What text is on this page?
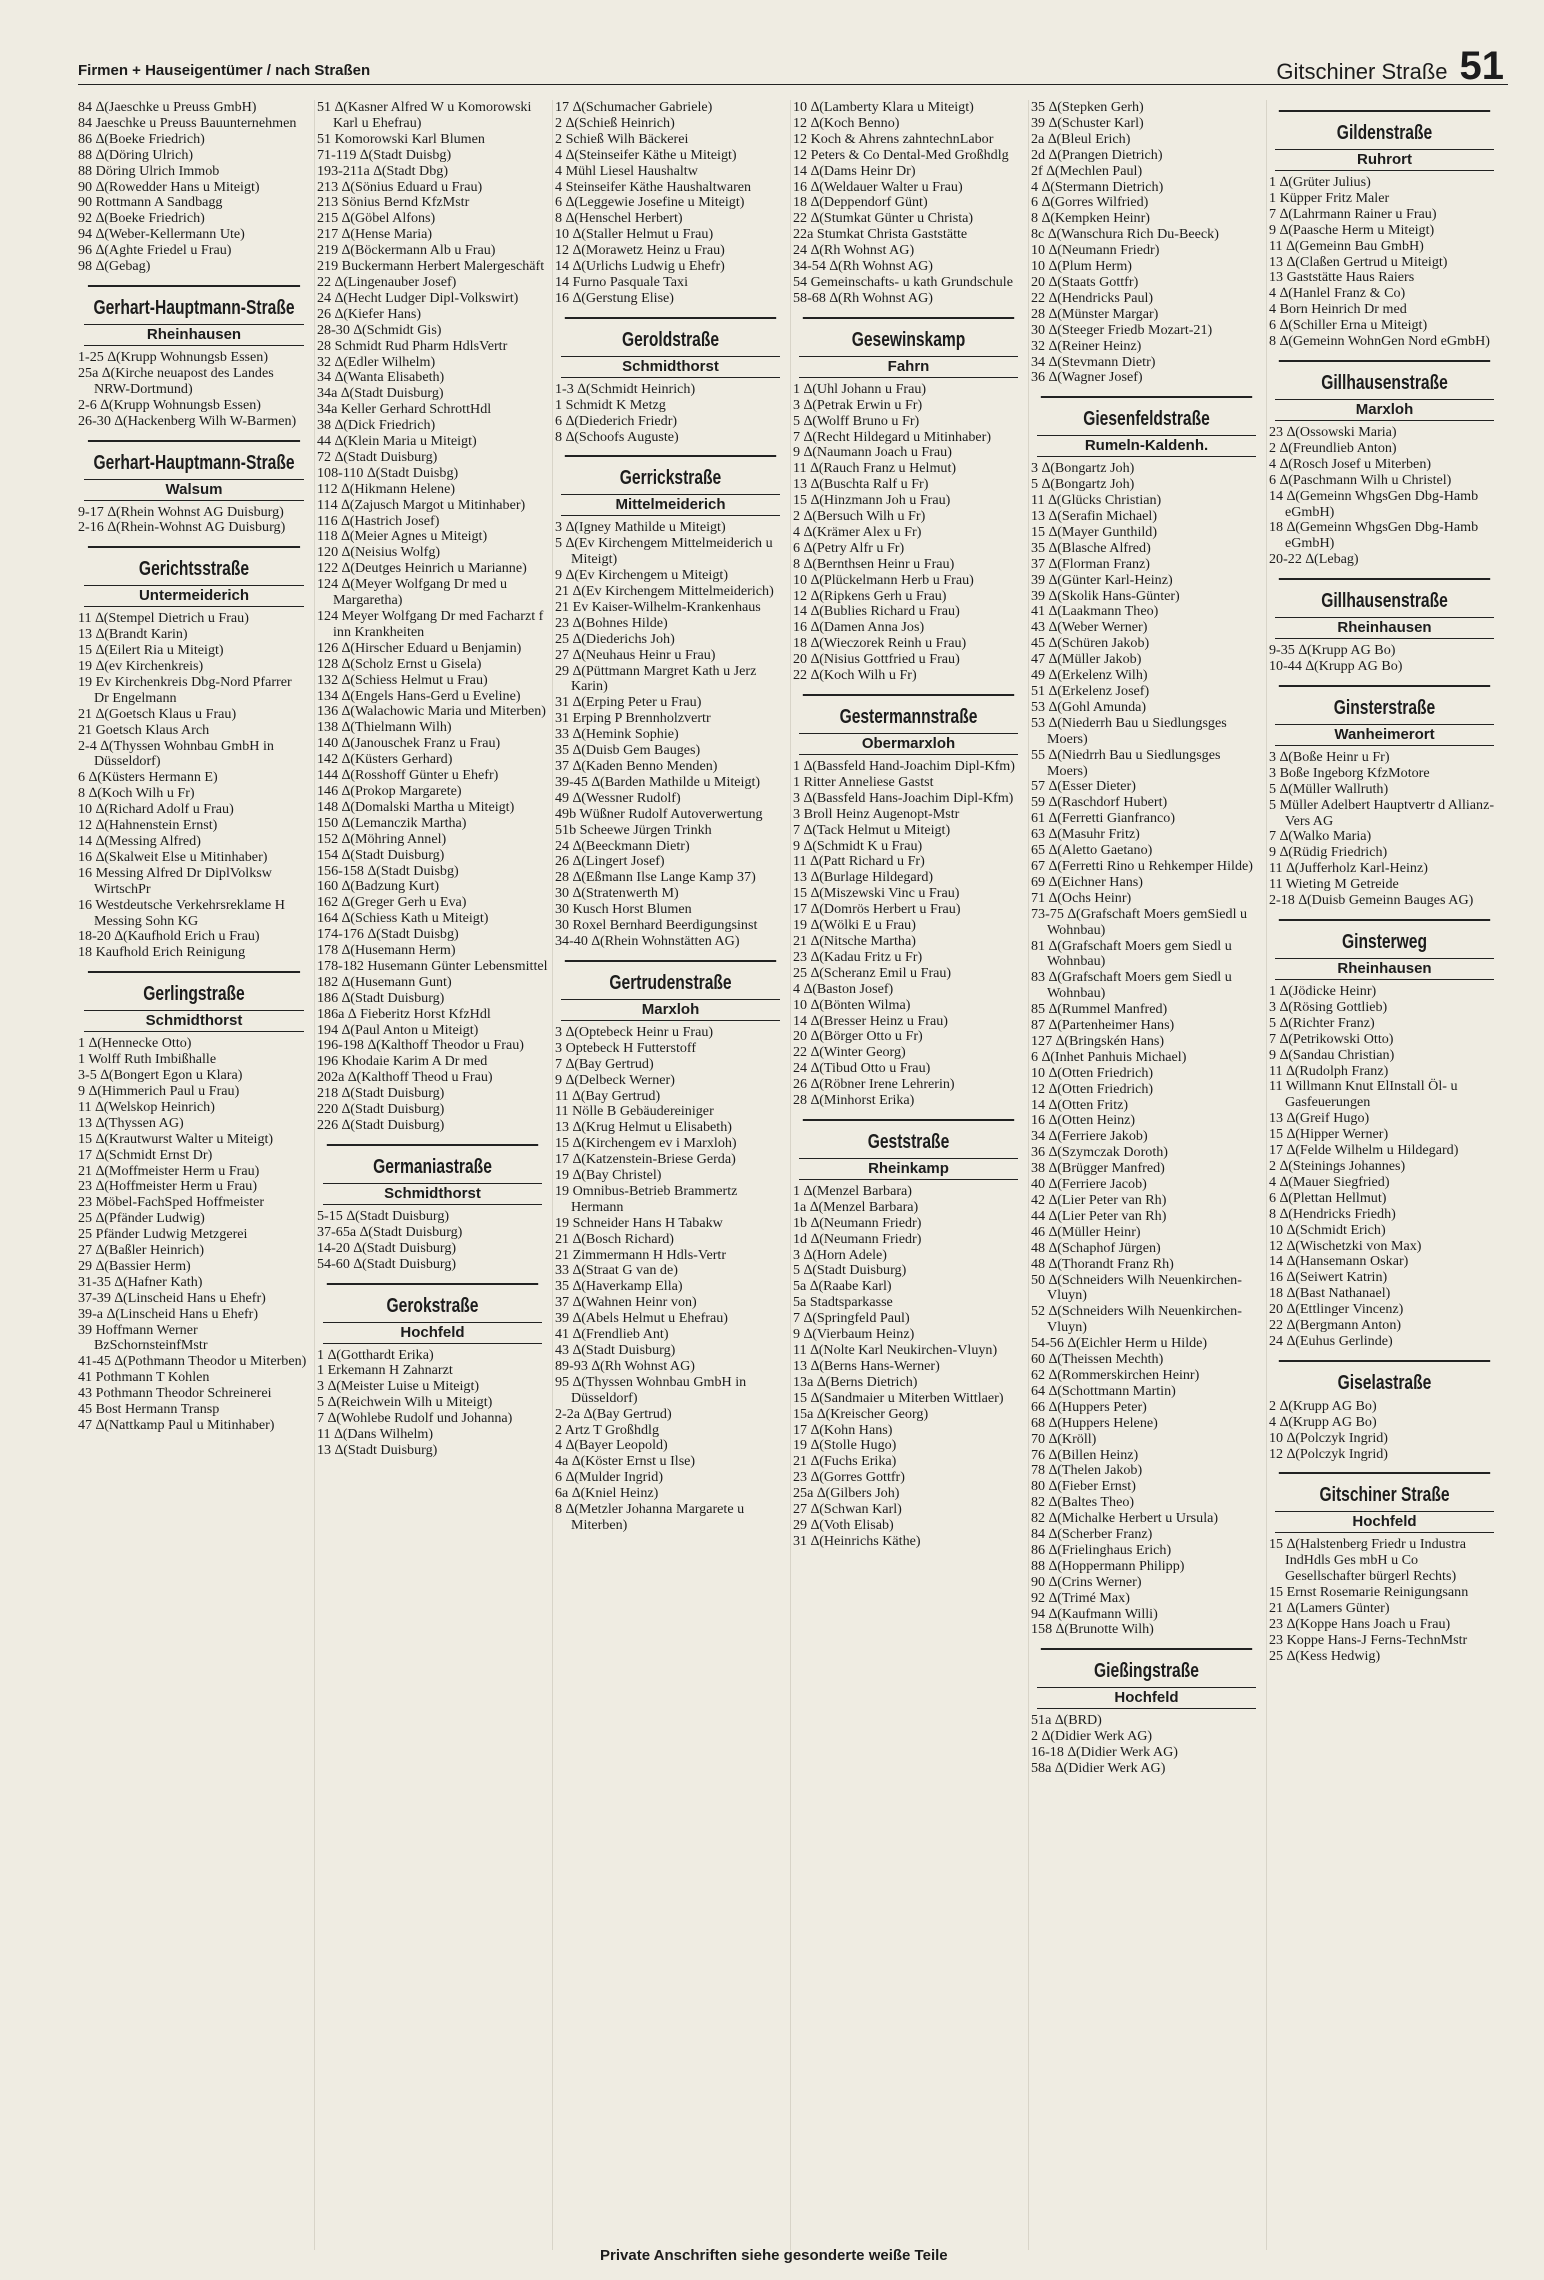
Firmen + Hauseigentümer / nach Straßen	Gitschiner Straße 51
84 ∆(Jaeschke u Preuss GmbH)
84 Jaeschke u Preuss Bauunternehmen
86 ∆(Boeke Friedrich)
88 ∆(Döring Ulrich)
88 Döring Ulrich Immob
90 ∆(Rowedder Hans u Miteigt)
90 Rottmann A Sandbagg
92 ∆(Boeke Friedrich)
94 ∆(Weber-Kellermann Ute)
96 ∆(Aghte Friedel u Frau)
98 ∆(Gebag)
Gerhart-Hauptmann-Straße
Rheinhausen
1-25 ∆(Krupp Wohnungsb Essen)
25a ∆(Kirche neuapost des Landes NRW-Dortmund)
2-6 ∆(Krupp Wohnungsb Essen)
26-30 ∆(Hackenberg Wilh W-Barmen)
Gerhart-Hauptmann-Straße
Walsum
9-17 ∆(Rhein Wohnst AG Duisburg)
2-16 ∆(Rhein-Wohnst AG Duisburg)
Gerichtsstraße
Untermeiderich
11 ∆(Stempel Dietrich u Frau)
13 ∆(Brandt Karin)
15 ∆(Eilert Ria u Miteigt)
19 ∆(ev Kirchenkreis)
19 Ev Kirchenkreis Dbg-Nord Pfarrer Dr Engelmann
21 ∆(Goetsch Klaus u Frau)
21 Goetsch Klaus Arch
2-4 ∆(Thyssen Wohnbau GmbH in Düsseldorf)
6 ∆(Küsters Hermann E)
8 ∆(Koch Wilh u Fr)
10 ∆(Richard Adolf u Frau)
12 ∆(Hahnenstein Ernst)
14 ∆(Messing Alfred)
16 ∆(Skalweit Else u Mitinhaber)
16 Messing Alfred Dr DiplVolksw WirtschPr
16 Westdeutsche Verkehrsreklame H Messing Sohn KG
18-20 ∆(Kaufhold Erich u Frau)
18 Kaufhold Erich Reinigung
Gerlingstraße
Schmidthorst
1 ∆(Hennecke Otto)
1 Wolff Ruth Imbißhalle
3-5 ∆(Bongert Egon u Klara)
9 ∆(Himmerich Paul u Frau)
11 ∆(Welskop Heinrich)
13 ∆(Thyssen AG)
15 ∆(Krautwurst Walter u Miteigt)
17 ∆(Schmidt Ernst Dr)
21 ∆(Moffmeister Herm u Frau)
23 ∆(Hoffmeister Herm u Frau)
23 Möbel-FachSped Hoffmeister
25 ∆(Pfänder Ludwig)
25 Pfänder Ludwig Metzgerei
27 ∆(Baßler Heinrich)
29 ∆(Bassier Herm)
31-35 ∆(Hafner Kath)
37-39 ∆(Linscheid Hans u Ehefr)
39-a ∆(Linscheid Hans u Ehefr)
39 Hoffmann Werner BzSchornsteinfMstr
41-45 ∆(Pothmann Theodor u Miterben)
41 Pothmann T Kohlen
43 Pothmann Theodor Schreinerei
45 Bost Hermann Transp
47 ∆(Nattkamp Paul u Mitinhaber)
51 ∆(Kasner Alfred W u Komorowski Karl u Ehefrau)
51 Komorowski Karl Blumen
71-119 ∆(Stadt Duisbg)
193-211a ∆(Stadt Dbg)
213 ∆(Sönius Eduard u Frau)
213 Sönius Bernd KfzMstr
215 ∆(Göbel Alfons)
217 ∆(Hense Maria)
219 ∆(Böckermann Alb u Frau)
219 Buckermann Herbert Malergeschäft
22 ∆(Lingenauber Josef)
24 ∆(Hecht Ludger Dipl-Volkswirt)
26 ∆(Kiefer Hans)
28-30 ∆(Schmidt Gis)
28 Schmidt Rud Pharm HdlsVertr
32 ∆(Edler Wilhelm)
34 ∆(Wanta Elisabeth)
34a ∆(Stadt Duisburg)
34a Keller Gerhard SchrottHdl
38 ∆(Dick Friedrich)
44 ∆(Klein Maria u Miteigt)
72 ∆(Stadt Duisburg)
108-110 ∆(Stadt Duisbg)
112 ∆(Hikmann Helene)
114 ∆(Zajusch Margot u Mitinhaber)
116 ∆(Hastrich Josef)
118 ∆(Meier Agnes u Miteigt)
120 ∆(Neisius Wolfg)
122 ∆(Deutges Heinrich u Marianne)
124 ∆(Meyer Wolfgang Dr med u Margaretha)
124 Meyer Wolfgang Dr med Facharzt f inn Krankheiten
126 ∆(Hirscher Eduard u Benjamin)
128 ∆(Scholz Ernst u Gisela)
132 ∆(Schiess Helmut u Frau)
134 ∆(Engels Hans-Gerd u Eveline)
136 ∆(Walachowic Maria und Miterben)
138 ∆(Thielmann Wilh)
140 ∆(Janouschek Franz u Frau)
142 ∆(Küsters Gerhard)
144 ∆(Rosshoff Günter u Ehefr)
146 ∆(Prokop Margarete)
148 ∆(Domalski Martha u Miteigt)
150 ∆(Lemanczik Martha)
152 ∆(Möhring Annel)
154 ∆(Stadt Duisburg)
156-158 ∆(Stadt Duisbg)
160 ∆(Badzung Kurt)
162 ∆(Greger Gerh u Eva)
164 ∆(Schiess Kath u Miteigt)
174-176 ∆(Stadt Duisbg)
178 ∆(Husemann Herm)
178-182 Husemann Günter Lebensmittel
182 ∆(Husemann Gunt)
186 ∆(Stadt Duisburg)
186a ∆ Fieberitz Horst KfzHdl
194 ∆(Paul Anton u Miteigt)
196-198 ∆(Kalthoff Theodor u Frau)
196 Khodaie Karim A Dr med
202a ∆(Kalthoff Theod u Frau)
218 ∆(Stadt Duisburg)
220 ∆(Stadt Duisburg)
226 ∆(Stadt Duisburg)
Germaniastraße
Schmidthorst
5-15 ∆(Stadt Duisburg)
37-65a ∆(Stadt Duisburg)
14-20 ∆(Stadt Duisburg)
54-60 ∆(Stadt Duisburg)
Gerokstraße
Hochfeld
1 ∆(Gotthardt Erika)
1 Erkemann H Zahnarzt
3 ∆(Meister Luise u Miteigt)
5 ∆(Reichwein Wilh u Miteigt)
7 ∆(Wohlebe Rudolf und Johanna)
11 ∆(Dans Wilhelm)
13 ∆(Stadt Duisburg)
17 ∆(Schumacher Gabriele)
2 ∆(Schieß Heinrich)
2 Schieß Wilh Bäckerei
4 ∆(Steinseifer Käthe u Miteigt)
4 Mühl Liesel Haushaltw
4 Steinseifer Käthe Haushaltwaren
6 ∆(Leggewie Josefine u Miteigt)
8 ∆(Henschel Herbert)
10 ∆(Staller Helmut u Frau)
12 ∆(Morawetz Heinz u Frau)
14 ∆(Urlichs Ludwig u Ehefr)
14 Furno Pasquale Taxi
16 ∆(Gerstung Elise)
Geroldstraße
Schmidthorst
1-3 ∆(Schmidt Heinrich)
1 Schmidt K Metzg
6 ∆(Diederich Friedr)
8 ∆(Schoofs Auguste)
Gerrickstraße
Mittelmeiderich
3 ∆(Igney Mathilde u Miteigt)
5 ∆(Ev Kirchengem Mittelmeiderich u Miteigt)
9 ∆(Ev Kirchengem u Miteigt)
21 ∆(Ev Kirchengem Mittelmeiderich)
21 Ev Kaiser-Wilhelm-Krankenhaus
23 ∆(Bohnes Hilde)
25 ∆(Diederichs Joh)
27 ∆(Neuhaus Heinr u Frau)
29 ∆(Püttmann Margret Kath u Jerz Karin)
31 ∆(Erping Peter u Frau)
31 Erping P Brennholzvertr
33 ∆(Hemink Sophie)
35 ∆(Duisb Gem Bauges)
37 ∆(Kaden Benno Menden)
39-45 ∆(Barden Mathilde u Miteigt)
49 ∆(Wessner Rudolf)
49b Wüßner Rudolf Autoverwertung
51b Scheewe Jürgen Trinkh
24 ∆(Beeckmann Dietr)
26 ∆(Lingert Josef)
28 ∆(Eßmann Ilse Lange Kamp 37)
30 ∆(Stratenwerth M)
30 Kusch Horst Blumen
30 Roxel Bernhard Beerdigungsinst
34-40 ∆(Rhein Wohnstätten AG)
Gertrudenstraße
Marxloh
3 ∆(Optebeck Heinr u Frau)
3 Optebeck H Futterstoff
7 ∆(Bay Gertrud)
9 ∆(Delbeck Werner)
11 ∆(Bay Gertrud)
11 Nölle B Gebäudereiniger
13 ∆(Krug Helmut u Elisabeth)
15 ∆(Kirchengem ev i Marxloh)
17 ∆(Katzenstein-Briese Gerda)
19 ∆(Bay Christel)
19 Omnibus-Betrieb Brammertz Hermann
19 Schneider Hans H Tabakw
21 ∆(Bosch Richard)
21 Zimmermann H Hdls-Vertr
33 ∆(Straat G van de)
35 ∆(Haverkamp Ella)
37 ∆(Wahnen Heinr von)
39 ∆(Abels Helmut u Ehefrau)
41 ∆(Frendlieb Ant)
43 ∆(Stadt Duisburg)
89-93 ∆(Rh Wohnst AG)
95 ∆(Thyssen Wohnbau GmbH in Düsseldorf)
2-2a ∆(Bay Gertrud)
2 Artz T Großhdlg
4 ∆(Bayer Leopold)
4a ∆(Köster Ernst u Ilse)
6 ∆(Mulder Ingrid)
6a ∆(Kniel Heinz)
8 ∆(Metzler Johanna Margarete u Miterben)
10 ∆(Lamberty Klara u Miteigt)
12 ∆(Koch Benno)
12 Koch & Ahrens zahntechnLabor
12 Peters & Co Dental-Med Großhdlg
14 ∆(Dams Heinr Dr)
16 ∆(Weldauer Walter u Frau)
18 ∆(Deppendorf Günt)
22 ∆(Stumkat Günter u Christa)
22a Stumkat Christa Gaststätte
24 ∆(Rh Wohnst AG)
34-54 ∆(Rh Wohnst AG)
54 Gemeinschafts- u kath Grundschule
58-68 ∆(Rh Wohnst AG)
Gesewinskamp
Fahrn
1 ∆(Uhl Johann u Frau)
3 ∆(Petrak Erwin u Fr)
5 ∆(Wolff Bruno u Fr)
7 ∆(Recht Hildegard u Mitinhaber)
9 ∆(Naumann Joach u Frau)
11 ∆(Rauch Franz u Helmut)
13 ∆(Buschta Ralf u Fr)
15 ∆(Hinzmann Joh u Frau)
2 ∆(Bersuch Wilh u Fr)
4 ∆(Krämer Alex u Fr)
6 ∆(Petry Alfr u Fr)
8 ∆(Bernthsen Heinr u Frau)
10 ∆(Plückelmann Herb u Frau)
12 ∆(Ripkens Gerh u Frau)
14 ∆(Bublies Richard u Frau)
16 ∆(Damen Anna Jos)
18 ∆(Wieczorek Reinh u Frau)
20 ∆(Nisius Gottfried u Frau)
22 ∆(Koch Wilh u Fr)
Gestermannstraße
Obermarxloh
1 ∆(Bassfeld Hand-Joachim Dipl-Kfm)
1 Ritter Anneliese Gastst
3 ∆(Bassfeld Hans-Joachim Dipl-Kfm)
3 Broll Heinz Augenopt-Mstr
7 ∆(Tack Helmut u Miteigt)
9 ∆(Schmidt K u Frau)
11 ∆(Patt Richard u Fr)
13 ∆(Burlage Hildegard)
15 ∆(Miszewski Vinc u Frau)
17 ∆(Domrös Herbert u Frau)
19 ∆(Wölki E u Frau)
21 ∆(Nitsche Martha)
23 ∆(Kadau Fritz u Fr)
25 ∆(Scheranz Emil u Frau)
4 ∆(Baston Josef)
10 ∆(Bönten Wilma)
14 ∆(Bresser Heinz u Frau)
20 ∆(Börger Otto u Fr)
22 ∆(Winter Georg)
24 ∆(Tibud Otto u Frau)
26 ∆(Röbner Irene Lehrerin)
28 ∆(Minhorst Erika)
Geststraße
Rheinkamp
1 ∆(Menzel Barbara)
1a ∆(Menzel Barbara)
1b ∆(Neumann Friedr)
1d ∆(Neumann Friedr)
3 ∆(Horn Adele)
5 ∆(Stadt Duisburg)
5a ∆(Raabe Karl)
5a Stadtsparkasse
7 ∆(Springfeld Paul)
9 ∆(Vierbaum Heinz)
11 ∆(Nolte Karl Neukirchen-Vluyn)
13 ∆(Berns Hans-Werner)
13a ∆(Berns Dietrich)
15 ∆(Sandmaier u Miterben Wittlaer)
15a ∆(Kreischer Georg)
17 ∆(Kohn Hans)
19 ∆(Stolle Hugo)
21 ∆(Fuchs Erika)
23 ∆(Gorres Gottfr)
25a ∆(Gilbers Joh)
27 ∆(Schwan Karl)
29 ∆(Voth Elisab)
31 ∆(Heinrichs Käthe)
35 ∆(Stepken Gerh)
39 ∆(Schuster Karl)
2a ∆(Bleul Erich)
2d ∆(Prangen Dietrich)
2f ∆(Mechlen Paul)
4 ∆(Stermann Dietrich)
6 ∆(Gorres Wilfried)
8 ∆(Kempken Heinr)
8c ∆(Wanschura Rich Du-Beeck)
10 ∆(Neumann Friedr)
10 ∆(Plum Herm)
20 ∆(Staats Gottfr)
22 ∆(Hendricks Paul)
28 ∆(Münster Margar)
30 ∆(Steeger Friedb Mozart-21)
32 ∆(Reiner Heinz)
34 ∆(Stevmann Dietr)
36 ∆(Wagner Josef)
Giesenfeldstraße
Rumeln-Kaldenh.
3 ∆(Bongartz Joh)
5 ∆(Bongartz Joh)
11 ∆(Glücks Christian)
13 ∆(Serafin Michael)
15 ∆(Mayer Gunthild)
35 ∆(Blasche Alfred)
37 ∆(Florman Franz)
39 ∆(Günter Karl-Heinz)
39 ∆(Skolik Hans-Günter)
41 ∆(Laakmann Theo)
43 ∆(Weber Werner)
45 ∆(Schüren Jakob)
47 ∆(Müller Jakob)
49 ∆(Erkelenz Wilh)
51 ∆(Erkelenz Josef)
53 ∆(Gohl Amunda)
53 ∆(Niederrh Bau u Siedlungsges Moers)
55 ∆(Niedrrh Bau u Siedlungsges Moers)
57 ∆(Esser Dieter)
59 ∆(Raschdorf Hubert)
61 ∆(Ferretti Gianfranco)
63 ∆(Masuhr Fritz)
65 ∆(Aletto Gaetano)
67 ∆(Ferretti Rino u Rehkemper Hilde)
69 ∆(Eichner Hans)
71 ∆(Ochs Heinr)
73-75 ∆(Grafschaft Moers gemSiedl u Wohnbau)
81 ∆(Grafschaft Moers gem Siedl u Wohnbau)
83 ∆(Grafschaft Moers gem Siedl u Wohnbau)
85 ∆(Rummel Manfred)
87 ∆(Partenheimer Hans)
127 ∆(Bringskén Hans)
6 ∆(Inhet Panhuis Michael)
10 ∆(Otten Friedrich)
12 ∆(Otten Friedrich)
14 ∆(Otten Fritz)
16 ∆(Otten Heinz)
34 ∆(Ferriere Jakob)
36 ∆(Szymczak Doroth)
38 ∆(Brügger Manfred)
40 ∆(Ferriere Jacob)
42 ∆(Lier Peter van Rh)
44 ∆(Lier Peter van Rh)
46 ∆(Müller Heinr)
48 ∆(Schaphof Jürgen)
48 ∆(Thorandt Franz Rh)
50 ∆(Schneiders Wilh Neuenkirchen-Vluyn)
52 ∆(Schneiders Wilh Neuenkirchen-Vluyn)
54-56 ∆(Eichler Herm u Hilde)
60 ∆(Theissen Mechth)
62 ∆(Rommerskirchen Heinr)
64 ∆(Schottmann Martin)
66 ∆(Huppers Peter)
68 ∆(Huppers Helene)
70 ∆(Kröll)
76 ∆(Billen Heinz)
78 ∆(Thelen Jakob)
80 ∆(Fieber Ernst)
82 ∆(Baltes Theo)
82 ∆(Michalke Herbert u Ursula)
84 ∆(Scherber Franz)
86 ∆(Frielinghaus Erich)
88 ∆(Hoppermann Philipp)
90 ∆(Crins Werner)
92 ∆(Trimé Max)
94 ∆(Kaufmann Willi)
158 ∆(Brunotte Wilh)
Gießingstraße
Hochfeld
51a ∆(BRD)
2 ∆(Didier Werk AG)
16-18 ∆(Didier Werk AG)
58a ∆(Didier Werk AG)
Gildenstraße
Ruhrort
1 ∆(Grüter Julius)
1 Küpper Fritz Maler
7 ∆(Lahrmann Rainer u Frau)
9 ∆(Paasche Herm u Miteigt)
11 ∆(Gemeinn Bau GmbH)
13 ∆(Claßen Gertrud u Miteigt)
13 Gaststätte Haus Raiers
4 ∆(Hanlel Franz & Co)
4 Born Heinrich Dr med
6 ∆(Schiller Erna u Miteigt)
8 ∆(Gemeinn WohnGen Nord eGmbH)
Gillhausenstraße
Marxloh
23 ∆(Ossowski Maria)
2 ∆(Freundlieb Anton)
4 ∆(Rosch Josef u Miterben)
6 ∆(Paschmann Wilh u Christel)
14 ∆(Gemeinn WhgsGen Dbg-Hamb eGmbH)
18 ∆(Gemeinn WhgsGen Dbg-Hamb eGmbH)
20-22 ∆(Lebag)
Gillhausenstraße
Rheinhausen
9-35 ∆(Krupp AG Bo)
10-44 ∆(Krupp AG Bo)
Ginsterstraße
Wanheimerort
3 ∆(Boße Heinr u Fr)
3 Boße Ingeborg KfzMotore
5 ∆(Müller Wallruth)
5 Müller Adelbert Hauptvertr d Allianz-Vers AG
7 ∆(Walko Maria)
9 ∆(Rüdig Friedrich)
11 ∆(Jufferholz Karl-Heinz)
11 Wieting M Getreide
2-18 ∆(Duisb Gemeinn Bauges AG)
Ginsterweg
Rheinhausen
1 ∆(Jödicke Heinr)
3 ∆(Rösing Gottlieb)
5 ∆(Richter Franz)
7 ∆(Petrikowski Otto)
9 ∆(Sandau Christian)
11 ∆(Rudolph Franz)
11 Willmann Knut ElInstall Öl- u Gasfeuerungen
13 ∆(Greif Hugo)
15 ∆(Hipper Werner)
17 ∆(Felde Wilhelm u Hildegard)
2 ∆(Steinings Johannes)
4 ∆(Mauer Siegfried)
6 ∆(Plettan Hellmut)
8 ∆(Hendricks Friedh)
10 ∆(Schmidt Erich)
12 ∆(Wischetzki von Max)
14 ∆(Hansemann Oskar)
16 ∆(Seiwert Katrin)
18 ∆(Bast Nathanael)
20 ∆(Ettlinger Vincenz)
22 ∆(Bergmann Anton)
24 ∆(Euhus Gerlinde)
Giselastraße
2 ∆(Krupp AG Bo)
4 ∆(Krupp AG Bo)
10 ∆(Polczyk Ingrid)
12 ∆(Polczyk Ingrid)
Gitschiner Straße
Hochfeld
15 ∆(Halstenberg Friedr u Industra IndHdls Ges mbH u Co Gesellschafter bürgerl Rechts)
15 Ernst Rosemarie Reinigungsann
21 ∆(Lamers Günter)
23 ∆(Koppe Hans Joach u Frau)
23 Koppe Hans-J Ferns-TechnMstr
25 ∆(Kess Hedwig)
Private Anschriften siehe gesonderte weiße Teile
